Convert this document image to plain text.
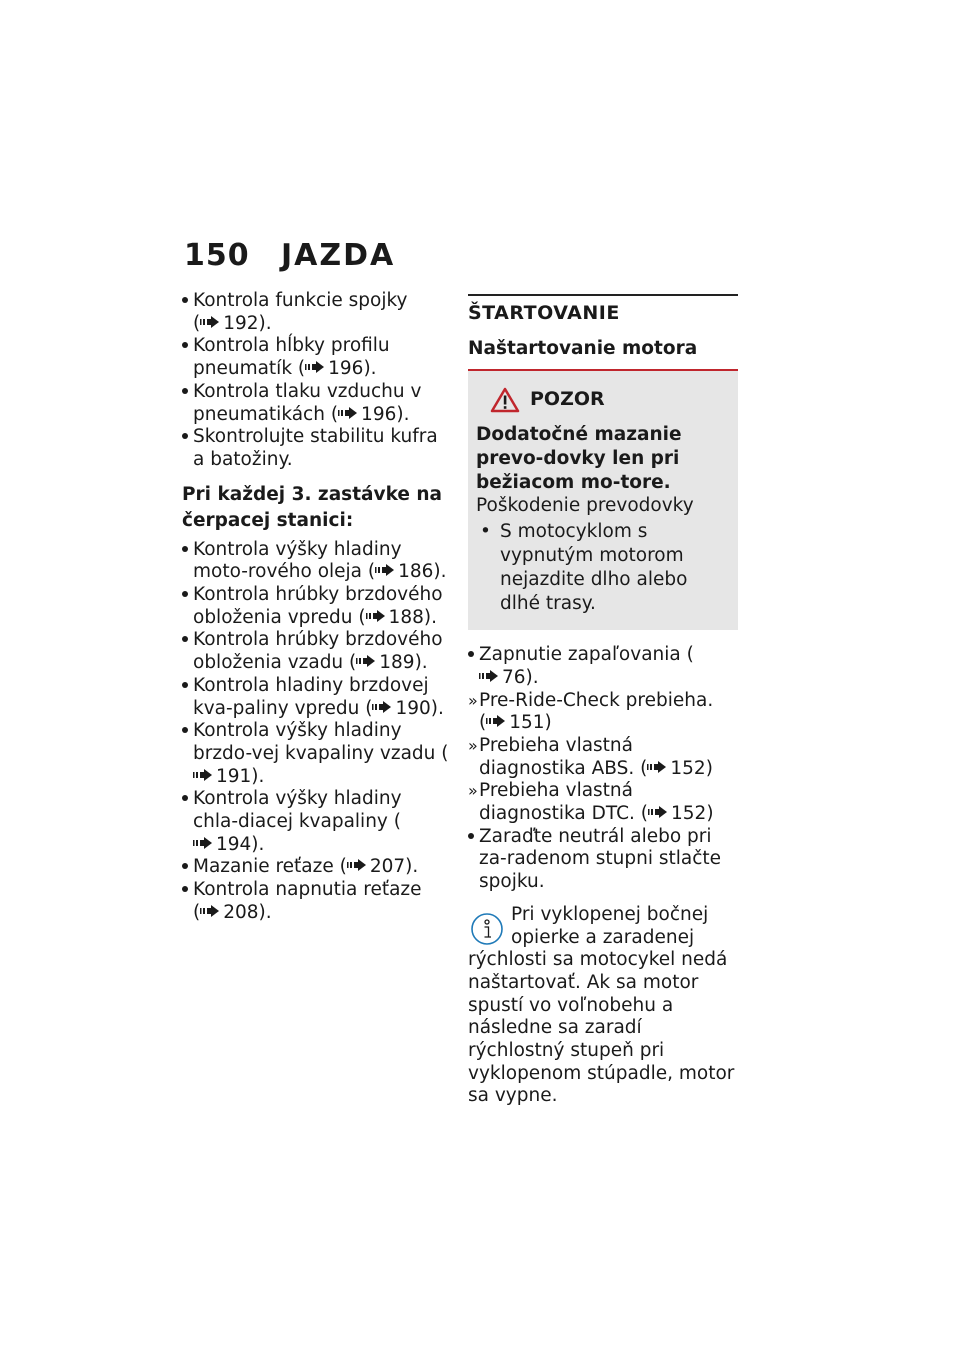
150 JAZDA
Kontrola funkcie spojky
( 192).
Kontrola hĺbky profilu pneumatík ( 196).
Kontrola tlaku vzduchu v pneumatikách ( 196).
Skontrolujte stabilitu kufra a batožiny.
Pri každej 3. zastávke na čerpacej stanici:
Kontrola výšky hladiny moto-rového oleja ( 186).
Kontrola hrúbky brzdového obloženia vpredu ( 188).
Kontrola hrúbky brzdového obloženia vzadu ( 189).
Kontrola hladiny brzdovej kva-paliny vpredu ( 190).
Kontrola výšky hladiny brzdo-vej kvapaliny vzadu (191).
Kontrola výšky hladiny chla-diacej kvapaliny (194).
Mazanie reťaze ( 207).
Kontrola napnutia reťaze
( 208).
ŠTARTOVANIE
Naštartovanie motora
POZOR
Dodatočné mazanie prevo-dovky len pri bežiacom mo-tore.
Poškodenie prevodovky
• S motocyklom s vypnutým motorom nejazdite dlho alebo dlhé trasy.
Zapnutie zapaľovania (76).
» Pre-Ride-Check prebieha.
( 151)
» Prebieha vlastná diagnostika ABS. ( 152)
» Prebieha vlastná diagnostika DTC. ( 152)
Zaraďte neutrál alebo pri za-radenom stupni stlačte spojku.
Pri vyklopenej bočnej
opierke a zaradenej
rýchlosti sa motocykel nedá naštartovať. Ak sa motor spustí vo voľnobehu a následne sa zaradí rýchlostný stupeň pri vyklopenom stúpadle, motor sa vypne.
